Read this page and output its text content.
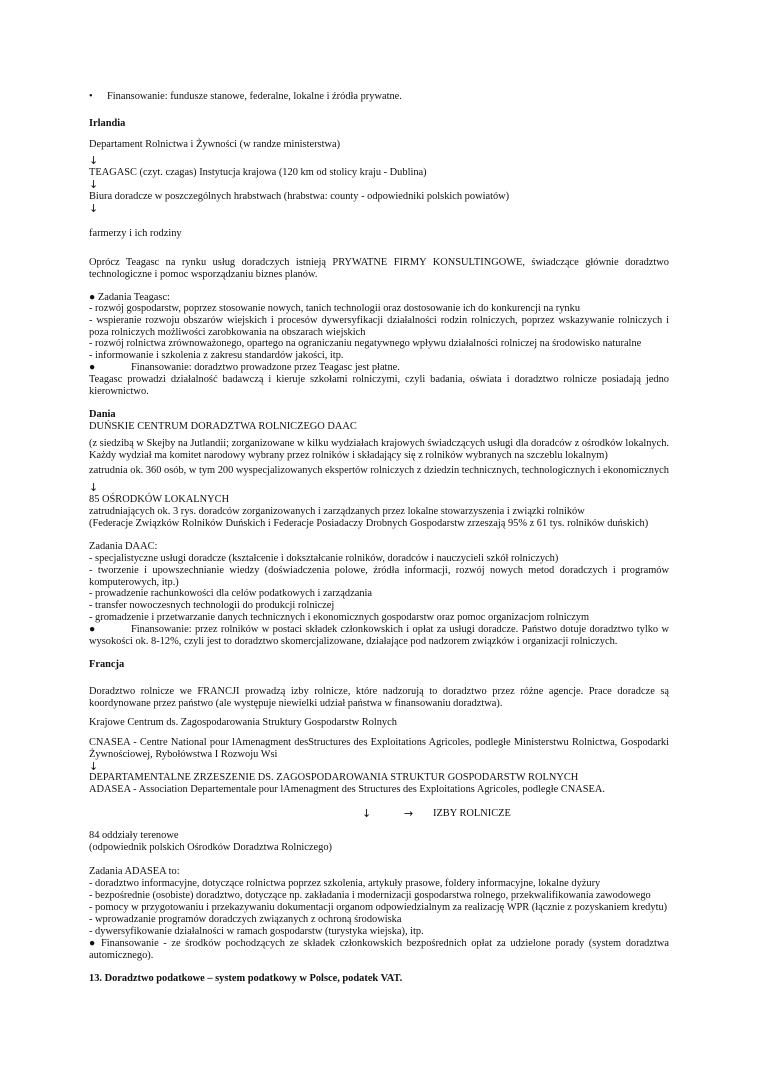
• Finansowanie: fundusze stanowe, federalne, lokalne i źródła prywatne.

Irlandia

Departament Rolnictwa i Żywności (w randze ministerstwa)

↓

TEAGASC (czyt. czagas) Instytucja krajowa (120 km od stolicy kraju - Dublina)

↓

Biura doradcze w poszczególnych hrabstwach (hrabstwa: county - odpowiedniki polskich powiatów)

↓

farmerzy i ich rodziny

Oprócz Teagasc na rynku usług doradczych istnieją PRYWATNE FIRMY KONSULTINGOWE, świadczące głównie doradztwo technologiczne i pomoc wsporządzaniu biznes planów.

● Zadania Teagasc:

- rozwój gospodarstw, poprzez stosowanie nowych, tanich technologii oraz dostosowanie ich do konkurencji na rynku

- wspieranie rozwoju obszarów wiejskich i procesów dywersyfikacji działalności rodzin rolniczych, poprzez wskazywanie rolniczych i poza rolniczych możliwości zarobkowania na obszarach wiejskich

- rozwój rolnictwa zrównoważonego, opartego na ograniczaniu negatywnego wpływu działalności rolniczej na środowisko naturalne

- informowanie i szkolenia z zakresu standardów jakości, itp.

●	Finansowanie: doradztwo prowadzone przez Teagasc jest płatne.

Teagasc prowadzi działalność badawczą i kieruje szkołami rolniczymi, czyli badania, oświata i doradztwo rolnicze posiadają jedno kierownictwo.

Dania

DUŃSKIE CENTRUM DORADZTWA ROLNICZEGO DAAC

(z siedzibą w Skejby na Jutlandii; zorganizowane w kilku wydziałach krajowych świadczących usługi dla doradców z ośrodków lokalnych. Każdy wydział ma komitet narodowy wybrany przez rolników i składający się z rolników wybranych na szczeblu lokalnym)

zatrudnia ok. 360 osób, w tym 200 wyspecjalizowanych ekspertów rolniczych z dziedzin technicznych, technologicznych i ekonomicznych

↓

85 OŚRODKÓW LOKALNYCH

zatrudniających ok. 3 rys. doradców zorganizowanych i zarządzanych przez lokalne stowarzyszenia i związki rolników

(Federacje Związków Rolników Duńskich i Federacje Posiadaczy Drobnych Gospodarstw zrzeszają 95% z 61 tys. rolników duńskich)

Zadania DAAC:

- specjalistyczne usługi doradcze (kształcenie i dokształcanie rolników, doradców i nauczycieli szkół rolniczych)

- tworzenie i upowszechnianie wiedzy (doświadczenia polowe, źródła informacji, rozwój nowych metod doradczych i programów komputerowych, itp.)

- prowadzenie rachunkowości dla celów podatkowych i zarządzania

- transfer nowoczesnych technologii do produkcji rolniczej

- gromadzenie i przetwarzanie danych technicznych i ekonomicznych gospodarstw oraz pomoc organizacjom rolniczym

●	Finansowanie: przez rolników w postaci składek członkowskich i opłat za usługi doradcze. Państwo dotuje doradztwo tylko w wysokości ok. 8-12%, czyli jest to doradztwo skomercjalizowane, działające pod nadzorem związków i organizacji rolniczych.

Francja

Doradztwo rolnicze we FRANCJI prowadzą izby rolnicze, które nadzorują to doradztwo przez różne agencje. Prace doradcze są koordynowane przez państwo (ale występuje niewielki udział państwa w finansowaniu doradztwa).

Krajowe Centrum ds. Zagospodarowania Struktury Gospodarstw Rolnych

CNASEA - Centre National pour lAmenagment desStructures des Exploitations Agricoles, podległe Ministerstwu Rolnictwa, Gospodarki Żywnościowej, Rybołówstwa I Rozwoju Wsi

↓

DEPARTAMENTALNE ZRZESZENIE DS. ZAGOSPODAROWANIA STRUKTUR GOSPODARSTW ROLNYCH

ADASEA - Association Departementale pour lAmenagment des Structures des Exploitations Agricoles, podległe CNASEA.

↓	→ IZBY ROLNICZE

84 oddziały terenowe

(odpowiednik polskich Ośrodków Doradztwa Rolniczego)

Zadania ADASEA to:

- doradztwo informacyjne, dotyczące rolnictwa poprzez szkolenia, artykuły prasowe, foldery informacyjne, lokalne dyżury

- bezpośrednie (osobiste) doradztwo, dotyczące np. zakładania i modernizacji gospodarstwa rolnego, przekwalifikowania zawodowego

- pomocy w przygotowaniu i przekazywaniu dokumentacji organom odpowiedzialnym za realizację WPR (łącznie z pozyskaniem kredytu)

- wprowadzanie programów doradczych związanych z ochroną środowiska

- dywersyfikowanie działalności w ramach gospodarstw (turystyka wiejska), itp.

● Finansowanie - ze środków pochodzących ze składek członkowskich bezpośrednich opłat za udzielone porady (system doradztwa automicznego).

13. Doradztwo podatkowe – system podatkowy w Polsce, podatek VAT.
